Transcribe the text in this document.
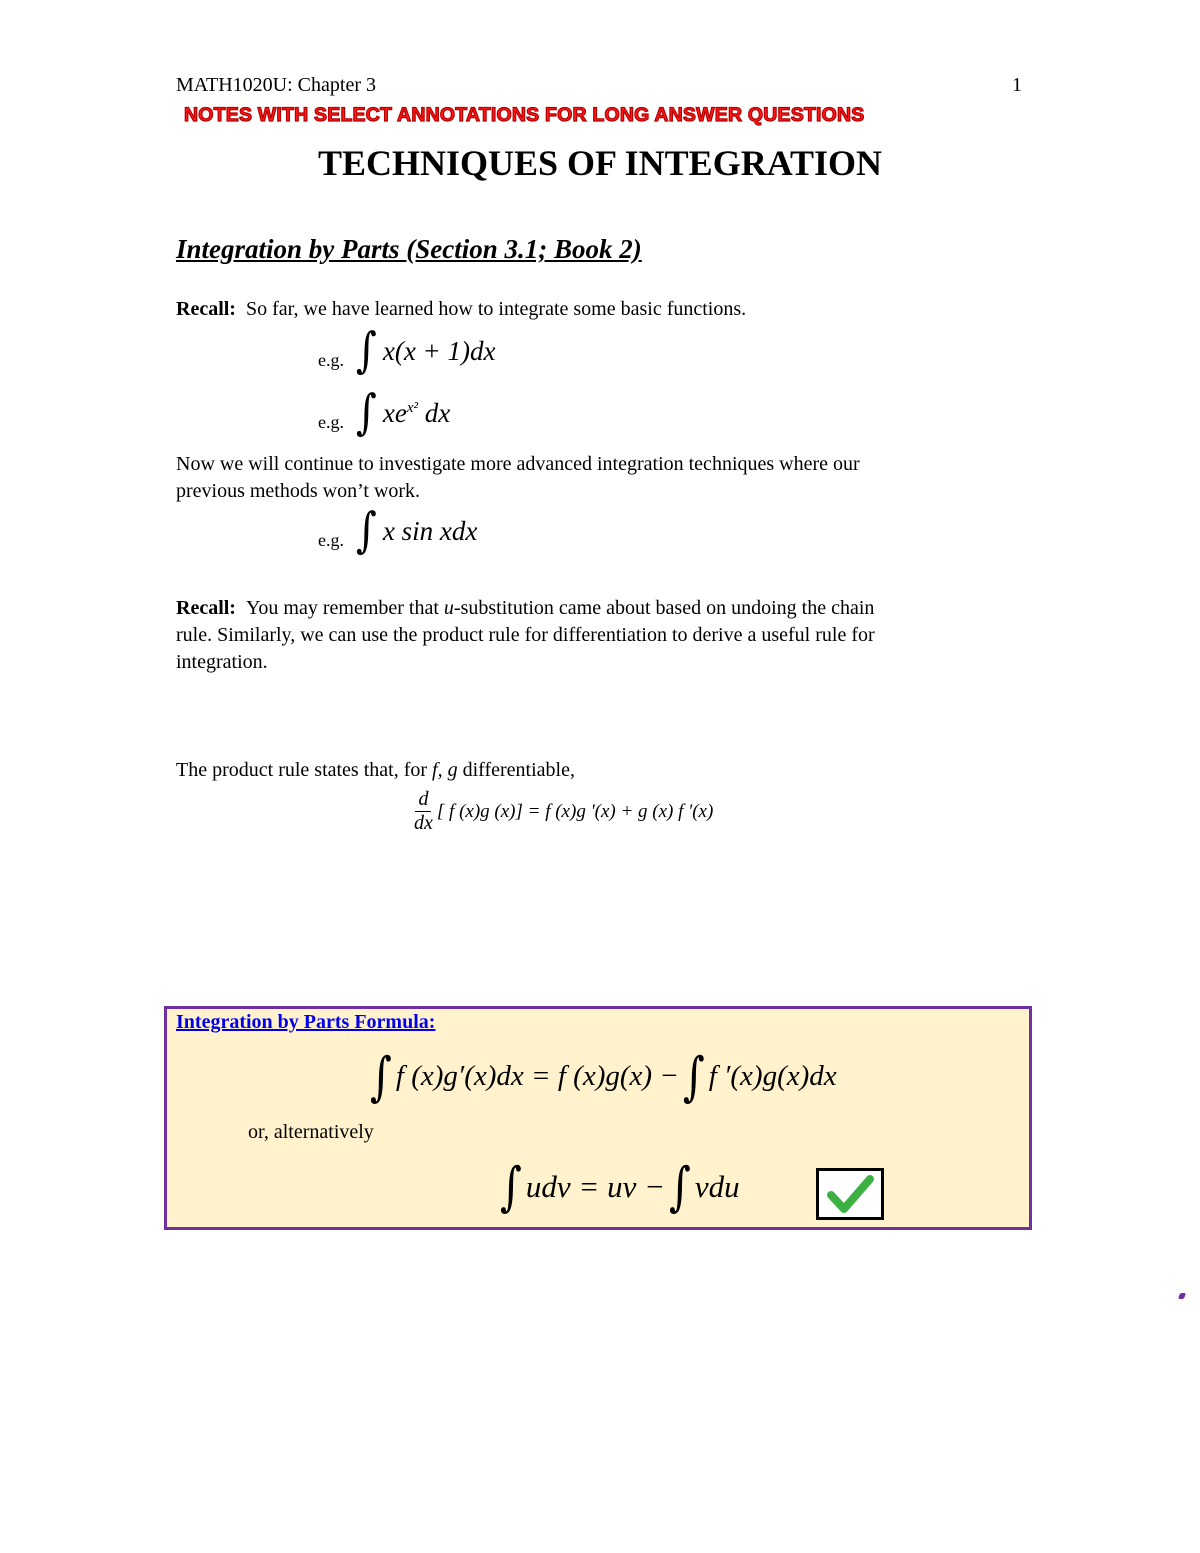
MATH1020U: Chapter 3	1
NOTES WITH SELECT ANNOTATIONS FOR LONG ANSWER QUESTIONS
TECHNIQUES OF INTEGRATION
Integration by Parts (Section 3.1; Book 2)
Recall: So far, we have learned how to integrate some basic functions.
e.g. ∫ x(x + 1)dx
e.g. ∫ $xe^{x^2}$ dx
Now we will continue to investigate more advanced integration techniques where our
previous methods won’t work.
e.g. ∫ x sin xdx
Recall: You may remember that u-substitution came about based on undoing the chain
rule. Similarly, we can use the product rule for differentiation to derive a useful rule for
integration.
The product rule states that, for f, g differentiable,
$\frac{d}{dx}$ [ f (x)g (x)] = f (x)g '(x) + g (x) f '(x)
Integration by Parts Formula:
∫ f (x)g′(x)dx = f (x)g(x) − ∫ f ′(x)g(x)dx
or, alternatively
∫ udv = uv − ∫ vdu
